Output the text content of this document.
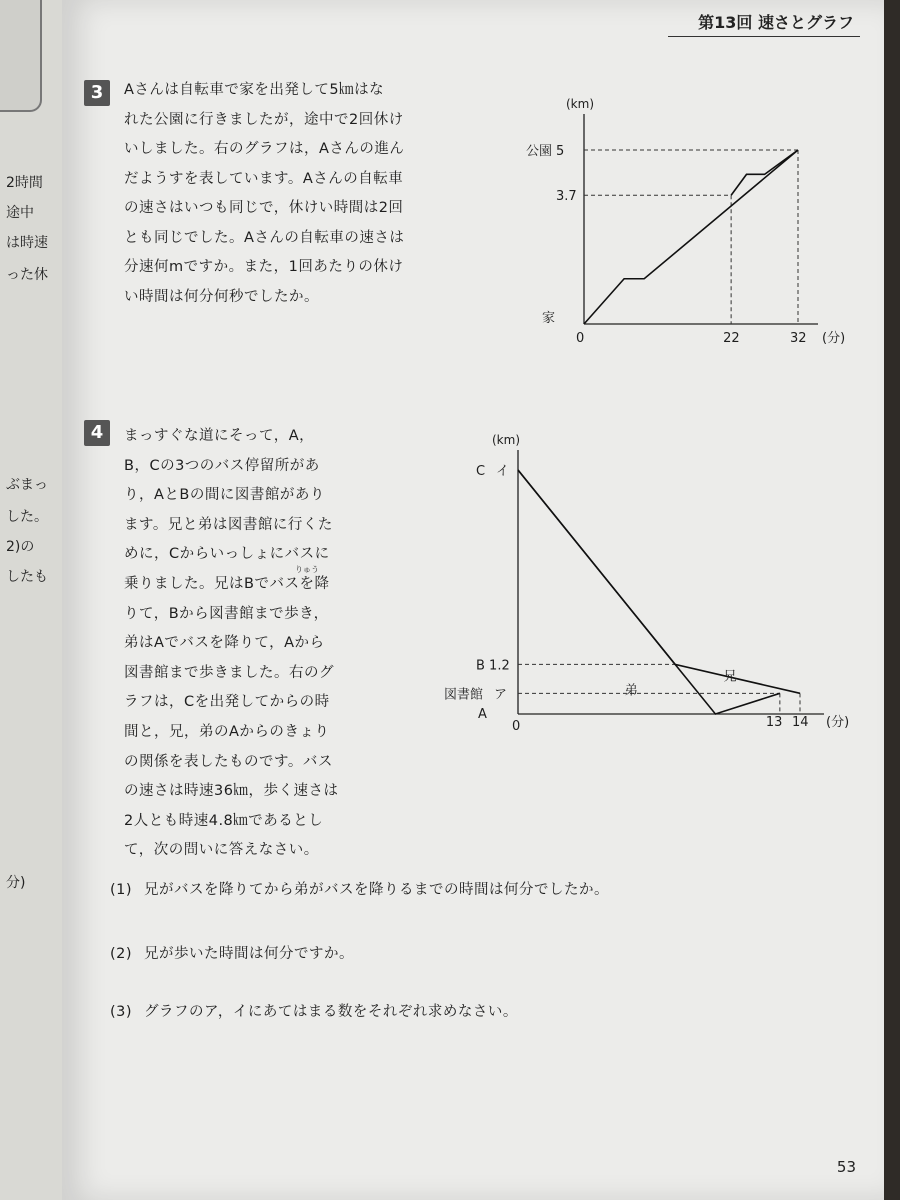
2時間
途中
は時速
った休
ぶまっ
した。
2)の
したも
分)
第13回 速さとグラフ
3	Aさんは自転車で家を出発して5㎞はな
れた公園に行きましたが，途中で2回休け
いしました。右のグラフは，Aさんの進ん
だようすを表しています。Aさんの自転車
の速さはいつも同じで，休けい時間は2回
とも同じでした。Aさんの自転車の速さは
分速何mですか。また，1回あたりの休け
い時間は何分何秒でしたか。
(km)
(分)
3.7
5
公園
家
22	32
0
4	まっすぐな道にそって，A，
B，Cの3つのバス停留所があ
り，AとBの間に図書館があり
ます。兄と弟は図書館に行くた
めに，Cからいっしょにバスに
乗りました。兄はBでバスを降
りて，Bから図書館まで歩き，
弟はAでバスを降りて，Aから
図書館まで歩きました。右のグ
ラフは，Cを出発してからの時
間と，兄，弟のAからのきょり
の関係を表したものです。バス
の速さは時速36㎞，歩く速さは
2人とも時速4.8㎞であるとし
て，次の問いに答えなさい。
りゅう
(km)
(分)
0	13 14
B 1.2
ア
イ
図書館
A
C
兄
弟
(1) 兄がバスを降りてから弟がバスを降りるまでの時間は何分でしたか。
(2) 兄が歩いた時間は何分ですか。
(3) グラフのア，イにあてはまる数をそれぞれ求めなさい。
53
